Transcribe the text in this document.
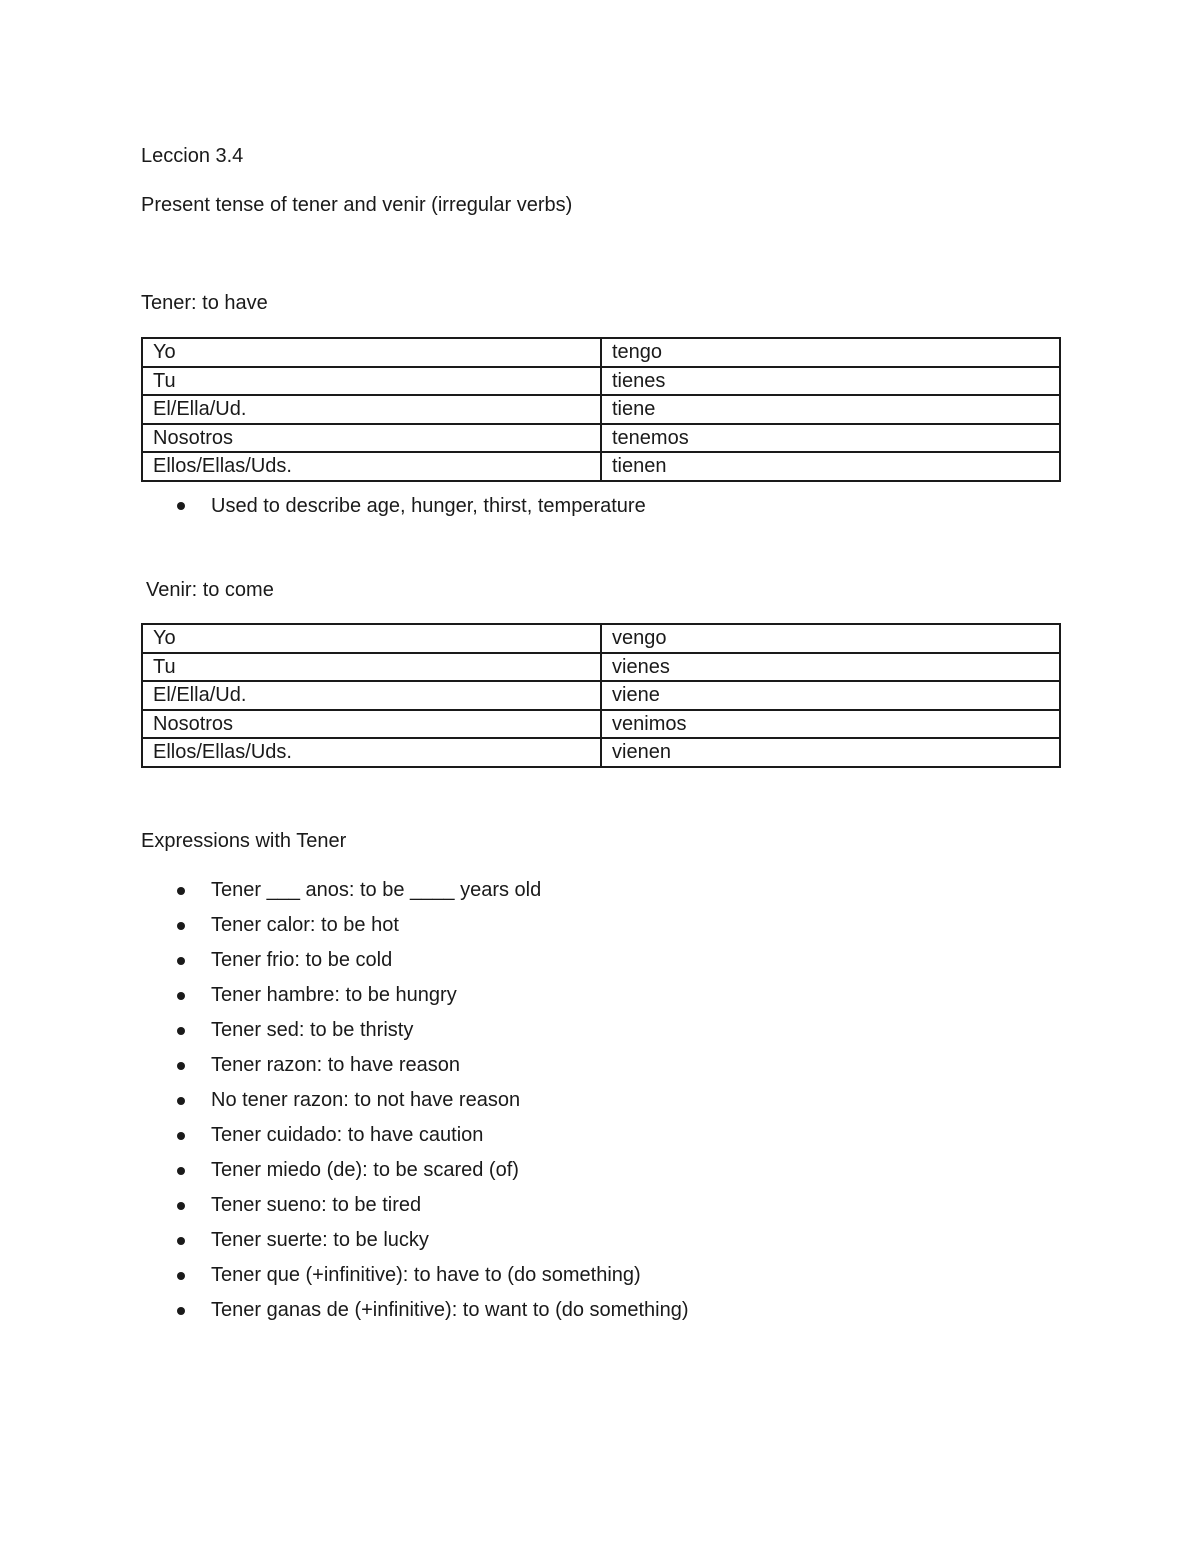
Leccion 3.4

Present tense of tener and venir (irregular verbs)

Tener: to have
Yo	tengo
Tu	tienes
El/Ella/Ud.	tiene
Nosotros	tenemos
Ellos/Ellas/Uds.	tienen
Used to describe age, hunger, thirst, temperature
Venir: to come
Yo	vengo
Tu	vienes
El/Ella/Ud.	viene
Nosotros	venimos
Ellos/Ellas/Uds.	vienen
Expressions with Tener
Tener ___ anos: to be ____ years old
Tener calor: to be hot
Tener frio: to be cold
Tener hambre: to be hungry
Tener sed: to be thristy
Tener razon: to have reason
No tener razon: to not have reason
Tener cuidado: to have caution
Tener miedo (de): to be scared (of)
Tener sueno: to be tired
Tener suerte: to be lucky
Tener que (+infinitive): to have to (do something)
Tener ganas de (+infinitive): to want to (do something)
